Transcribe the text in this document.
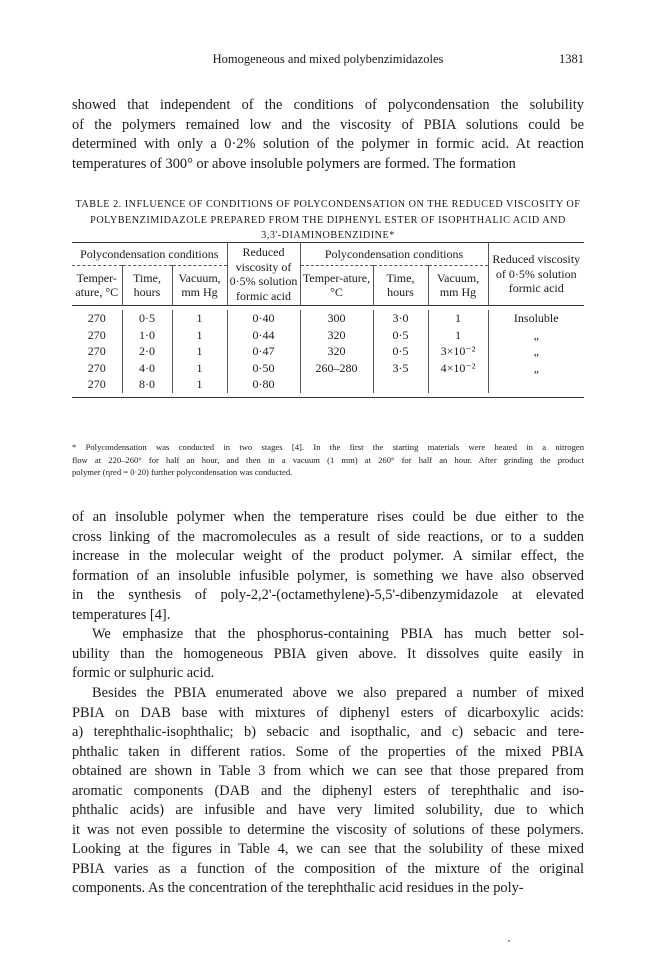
Homogeneous and mixed polybenzimidazoles	1381
showed that independent of the conditions of polycondensation the solubility
of the polymers remained low and the viscosity of PBIA solutions could be
determined with only a 0·2% solution of the polymer in formic acid. At reaction
temperatures of 300° or above insoluble polymers are formed. The formation
TABLE 2. INFLUENCE OF CONDITIONS OF POLYCONDENSATION ON THE REDUCED VISCOSITY OF
POLYBENZIMIDAZOLE PREPARED FROM THE DIPHENYL ESTER OF ISOPHTHALIC ACID AND
3,3'-DIAMINOBENZIDINE*
Polycondensation conditions			Reduced viscosity of 0·5% solution formic acid	Polycondensation conditions			Reduced viscosity of 0·5% solution formic acid
Temper-ature, °C	Time, hours	Vacuum, mm Hg		Temper-ature, °C	Time, hours	Vacuum, mm Hg	

270	0·5	1	0·40	300	3·0	1	Insoluble
270	1·0	1	0·44	320	0·5	1	„
270	2·0	1	0·47	320	0·5	3×10⁻²	„
270	4·0	1	0·50	260–280	3·5	4×10⁻²	„
270	8·0	1	0·80				

* Polycondensation was conducted in two stages [4]. In the first the starting materials were heated in a nitrogen
flow at 220–260° for half an hour, and then in a vacuum (1 mm) at 260° for half an hour. After grinding the product
polymer (ηred = 0·20) further polycondensation was conducted.
of an insoluble polymer when the temperature rises could be due either to the
cross linking of the macromolecules as a result of side reactions, or to a sudden
increase in the molecular weight of the product polymer. A similar effect, the
formation of an insoluble infusible polymer, is something we have also observed
in the synthesis of poly-2,2'-(octamethylene)-5,5'-dibenzymidazole at elevated
temperatures [4].
We emphasize that the phosphorus-containing PBIA has much better sol-
ubility than the homogeneous PBIA given above. It dissolves quite easily in
formic or sulphuric acid.
Besides the PBIA enumerated above we also prepared a number of mixed
PBIA on DAB base with mixtures of diphenyl esters of dicarboxylic acids:
a) terephthalic-isophthalic; b) sebacic and isopthalic, and c) sebacic and tere-
phthalic taken in different ratios. Some of the properties of the mixed PBIA
obtained are shown in Table 3 from which we can see that those prepared from
aromatic components (DAB and the diphenyl esters of terephthalic and iso-
phthalic acids) are infusible and have very limited solubility, due to which
it was not even possible to determine the viscosity of solutions of these polymers.
Looking at the figures in Table 4, we can see that the solubility of these mixed
PBIA varies as a function of the composition of the mixture of the original
components. As the concentration of the terephthalic acid residues in the poly-
